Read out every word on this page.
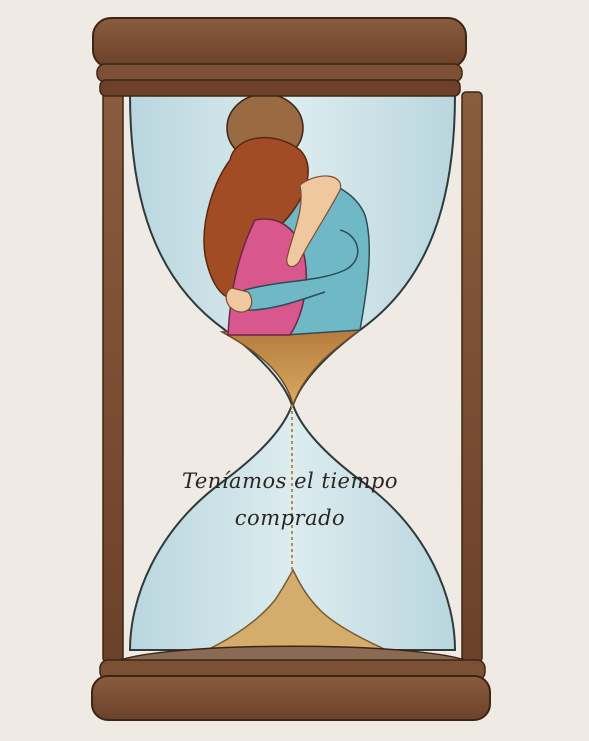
Teníamos el tiempo
comprado
